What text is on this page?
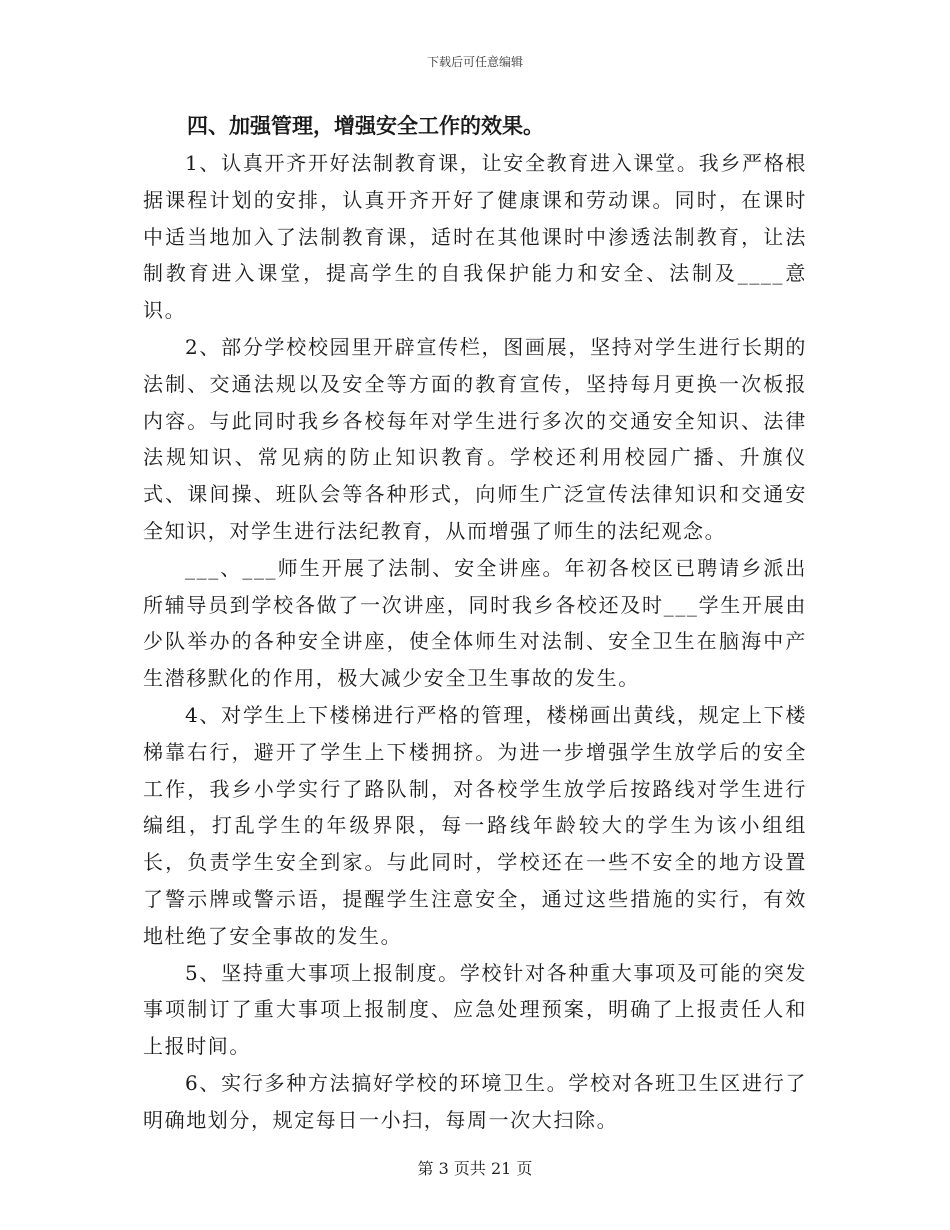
下载后可任意编辑

四、加强管理，增强安全工作的效果。

1、认真开齐开好法制教育课，让安全教育进入课堂。我乡严格根据课程计划的安排，认真开齐开好了健康课和劳动课。同时，在课时中适当地加入了法制教育课，适时在其他课时中渗透法制教育，让法制教育进入课堂，提高学生的自我保护能力和安全、法制及____意识。

2、部分学校校园里开辟宣传栏，图画展，坚持对学生进行长期的法制、交通法规以及安全等方面的教育宣传，坚持每月更换一次板报内容。与此同时我乡各校每年对学生进行多次的交通安全知识、法律法规知识、常见病的防止知识教育。学校还利用校园广播、升旗仪式、课间操、班队会等各种形式，向师生广泛宣传法律知识和交通安全知识，对学生进行法纪教育，从而增强了师生的法纪观念。

___、___师生开展了法制、安全讲座。年初各校区已聘请乡派出所辅导员到学校各做了一次讲座，同时我乡各校还及时___学生开展由少队举办的各种安全讲座，使全体师生对法制、安全卫生在脑海中产生潜移默化的作用，极大减少安全卫生事故的发生。

4、对学生上下楼梯进行严格的管理，楼梯画出黄线，规定上下楼梯靠右行，避开了学生上下楼拥挤。为进一步增强学生放学后的安全工作，我乡小学实行了路队制，对各校学生放学后按路线对学生进行编组，打乱学生的年级界限，每一路线年龄较大的学生为该小组组长，负责学生安全到家。与此同时，学校还在一些不安全的地方设置了警示牌或警示语，提醒学生注意安全，通过这些措施的实行，有效地杜绝了安全事故的发生。

5、坚持重大事项上报制度。学校针对各种重大事项及可能的突发事项制订了重大事项上报制度、应急处理预案，明确了上报责任人和上报时间。

6、实行多种方法搞好学校的环境卫生。学校对各班卫生区进行了明确地划分，规定每日一小扫，每周一次大扫除。

第 3 页共 21 页
